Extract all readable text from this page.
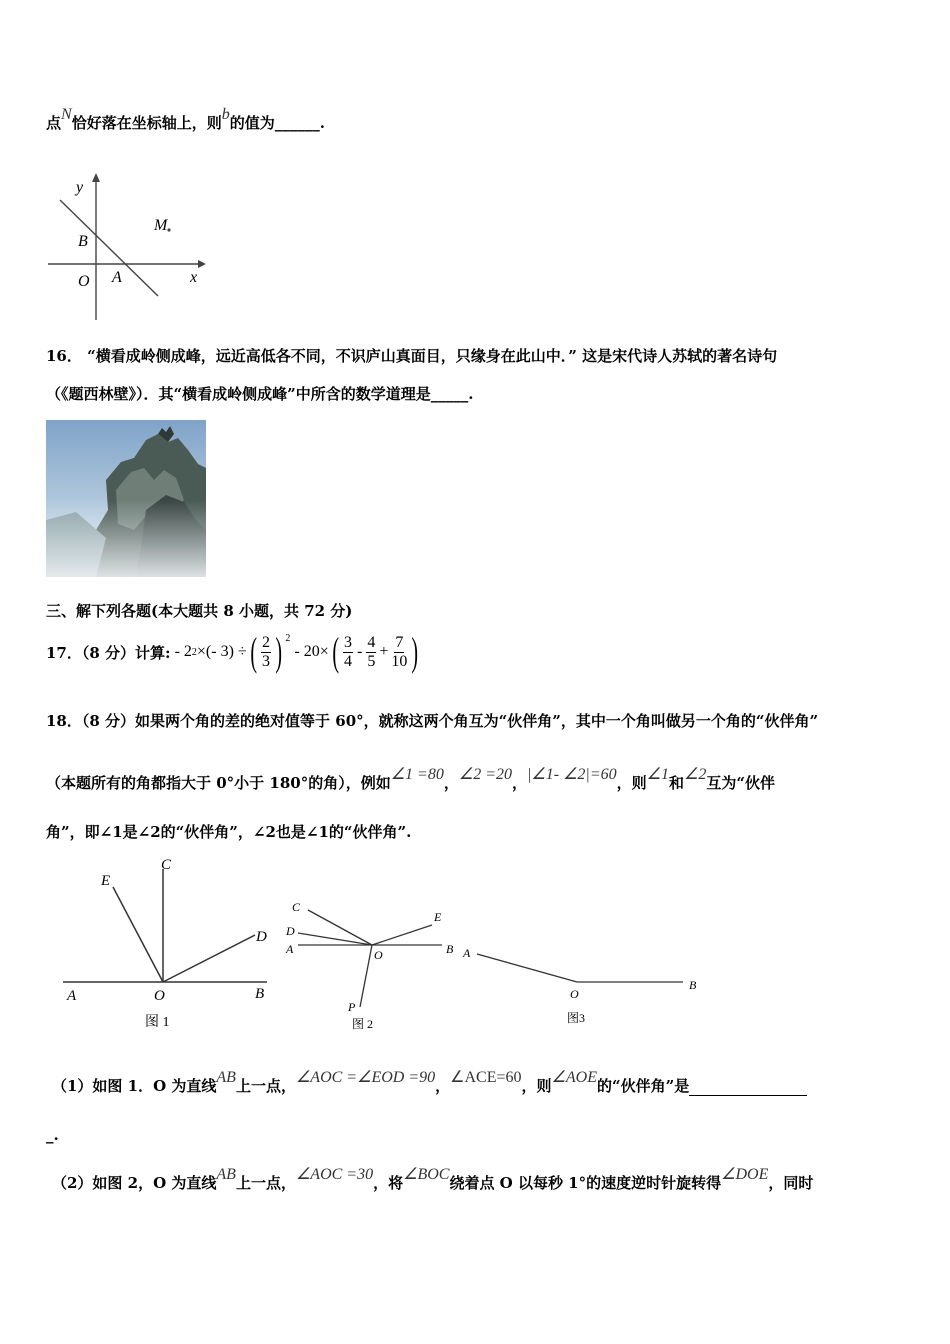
点N恰好落在坐标轴上，则b的值为______.
y
x
O A
B
M
16． “横看成岭侧成峰，远近高低各不同，不识庐山真面目，只缘身在此山中．” 这是宋代诗人苏轼的著名诗句
（《题西林壁》）．其“横看成岭侧成峰”中所含的数学道理是_____.
三、解下列各题(本大题共 8 小题，共 72 分)
17．（8 分）计算: - 2 2 ×(- 3) ÷ ( $\frac{2}{3}$ ) $^2$
- 20× ( $\frac{3}{4} - \frac{4}{5} + \frac{7}{10}$ )
18．（8 分）如果两个角的差的绝对值等于 60°，就称这两个角互为“伙伴角”，其中一个角叫做另一个角的“伙伴角”
（本题所有的角都指大于 0°小于 180°的角），例如∠1 =80，∠2 =20，|∠1- ∠2|=60，则∠1和∠2互为“伙伴
角”，即∠1是∠2的“伙伴角”，∠2也是∠1的“伙伴角”.
E
C
D
A	O	B
图 1
C
E
D
A	O	B
P
图 2
A
O
B
图3
（1）如图 1．O 为直线AB上一点，∠AOC =∠EOD =90，∠ACE=60，则∠AOE的“伙伴角”是
_.
（2）如图 2，O 为直线AB上一点，∠AOC =30，将∠BOC绕着点 O 以每秒 1°的速度逆时针旋转得∠DOE，同时
